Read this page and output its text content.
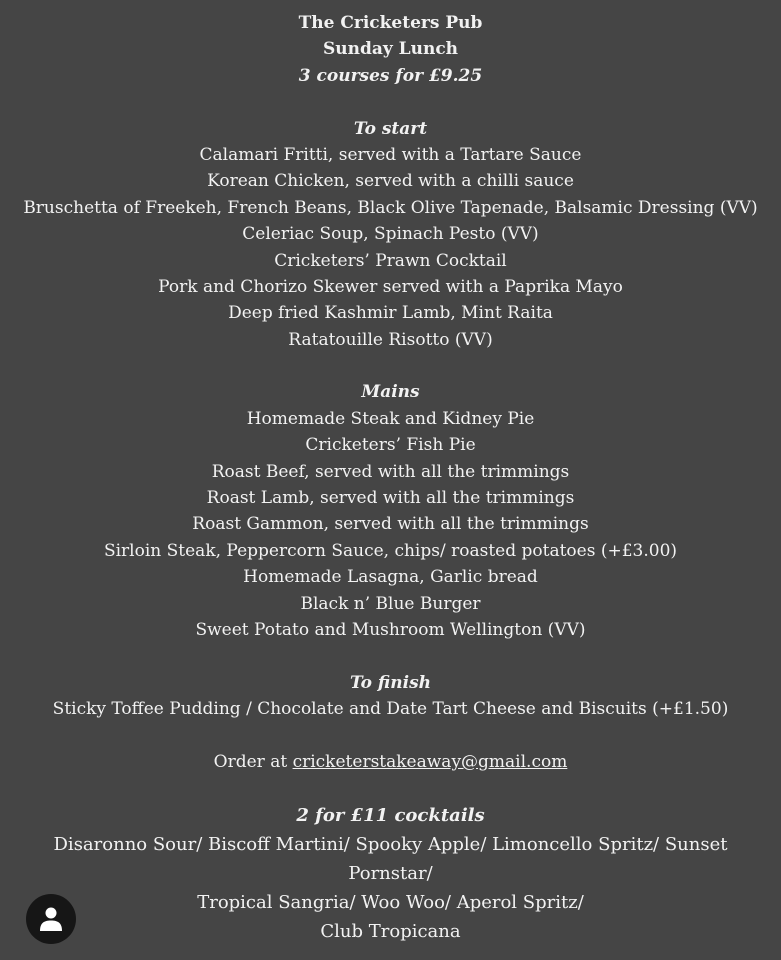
The Cricketers Pub
Sunday Lunch
3 courses for £9.25
To start
Calamari Fritti, served with a Tartare Sauce
Korean Chicken, served with a chilli sauce
Bruschetta of Freekeh, French Beans, Black Olive Tapenade, Balsamic Dressing (VV)
Celeriac Soup, Spinach Pesto (VV)
Cricketers’ Prawn Cocktail
Pork and Chorizo Skewer served with a Paprika Mayo
Deep fried Kashmir Lamb, Mint Raita
Ratatouille Risotto (VV)
Mains
Homemade Steak and Kidney Pie
Cricketers’ Fish Pie
Roast Beef, served with all the trimmings
Roast Lamb, served with all the trimmings
Roast Gammon, served with all the trimmings
Sirloin Steak, Peppercorn Sauce, chips/ roasted potatoes (+£3.00)
Homemade Lasagna, Garlic bread
Black n’ Blue Burger
Sweet Potato and Mushroom Wellington (VV)
To finish
Sticky Toffee Pudding / Chocolate and Date Tart Cheese and Biscuits (+£1.50)
Order at cricketerstakeaway@gmail.com
2 for £11 cocktails
Disaronno Sour/ Biscoff Martini/ Spooky Apple/ Limoncello Spritz/ Sunset
Pornstar/
Tropical Sangria/ Woo Woo/ Aperol Spritz/
Club Tropicana
